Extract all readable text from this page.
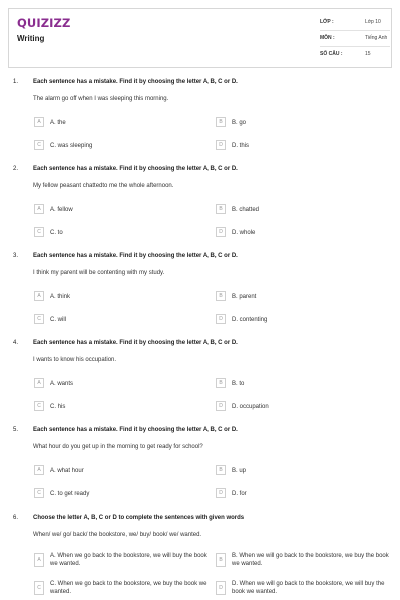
QUIZIZZ
Writing
LỚP :	Lớp 10
MÔN :	Tiếng Anh
SỐ CÂU :	15
1. Each sentence has a mistake. Find it by choosing the letter A, B, C or D.
The alarm go off when I was sleeping this morning.
A	A. the	B	B. go
C	C. was sleeping	D	D. this
2. Each sentence has a mistake. Find it by choosing the letter A, B, C or D.
My fellow peasant chattedto me the whole afternoon.
A	A. fellow	B	B. chatted
C	C. to	D	D. whole
3. Each sentence has a mistake. Find it by choosing the letter A, B, C or D.
I think my parent will be contenting with my study.
A	A. think	B	B. parent
C	C. will	D	D. contenting
4. Each sentence has a mistake. Find it by choosing the letter A, B, C or D.
I wants to know his occupation.
A	A. wants	B	B. to
C	C. his	D	D. occupation
5. Each sentence has a mistake. Find it by choosing the letter A, B, C or D.
What hour do you get up in the morning to get ready for school?
A	A. what hour	B	B. up
C	C. to get ready	D	D. for
6. Choose the letter A, B, C or D to complete the sentences with given words
When/ we/ go/ back/ the bookstore, we/ buy/ book/ we/ wanted.
A
A. When we go back to the bookstore, we will buy the book we wanted.
B
B. When we will go back to the bookstore, we buy the book we wanted.
C
C. When we go back to the bookstore, we buy the book we wanted.
D
D. When we will go back to the bookstore, we will buy the book we wanted.
